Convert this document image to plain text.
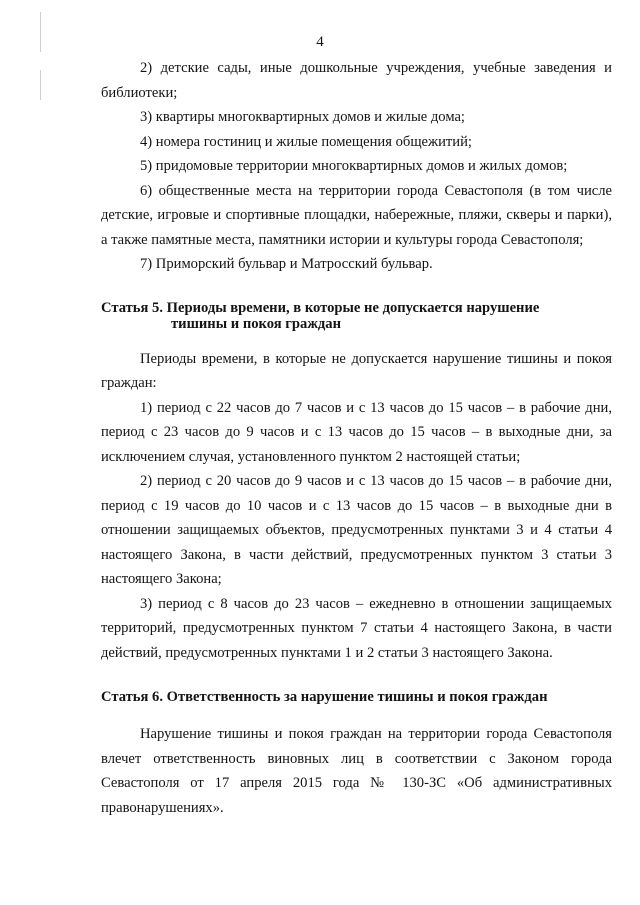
4

2) детские сады, иные дошкольные учреждения, учебные заведения и библиотеки;

3) квартиры многоквартирных домов и жилые дома;

4) номера гостиниц и жилые помещения общежитий;

5) придомовые территории многоквартирных домов и жилых домов;

6) общественные места на территории города Севастополя (в том числе детские, игровые и спортивные площадки, набережные, пляжи, скверы и парки), а также памятные места, памятники истории и культуры города Севастополя;

7) Приморский бульвар и Матросский бульвар.

Статья 5. Периоды времени, в которые не допускается нарушение
тишины и покоя граждан

Периоды времени, в которые не допускается нарушение тишины и покоя граждан:

1) период с 22 часов до 7 часов и с 13 часов до 15 часов – в рабочие дни, период с 23 часов до 9 часов и с 13 часов до 15 часов – в выходные дни, за исключением случая, установленного пунктом 2 настоящей статьи;

2) период с 20 часов до 9 часов и с 13 часов до 15 часов – в рабочие дни, период с 19 часов до 10 часов и с 13 часов до 15 часов – в выходные дни в отношении защищаемых объектов, предусмотренных пунктами 3 и 4 статьи 4 настоящего Закона, в части действий, предусмотренных пунктом 3 статьи 3 настоящего Закона;

3) период с 8 часов до 23 часов – ежедневно в отношении защищаемых территорий, предусмотренных пунктом 7 статьи 4 настоящего Закона, в части действий, предусмотренных пунктами 1 и 2 статьи 3 настоящего Закона.

Статья 6. Ответственность за нарушение тишины и покоя граждан

Нарушение тишины и покоя граждан на территории города Севастополя влечет ответственность виновных лиц в соответствии с Законом города Севастополя от 17 апреля 2015 года № 130-ЗС «Об административных правонарушениях».
